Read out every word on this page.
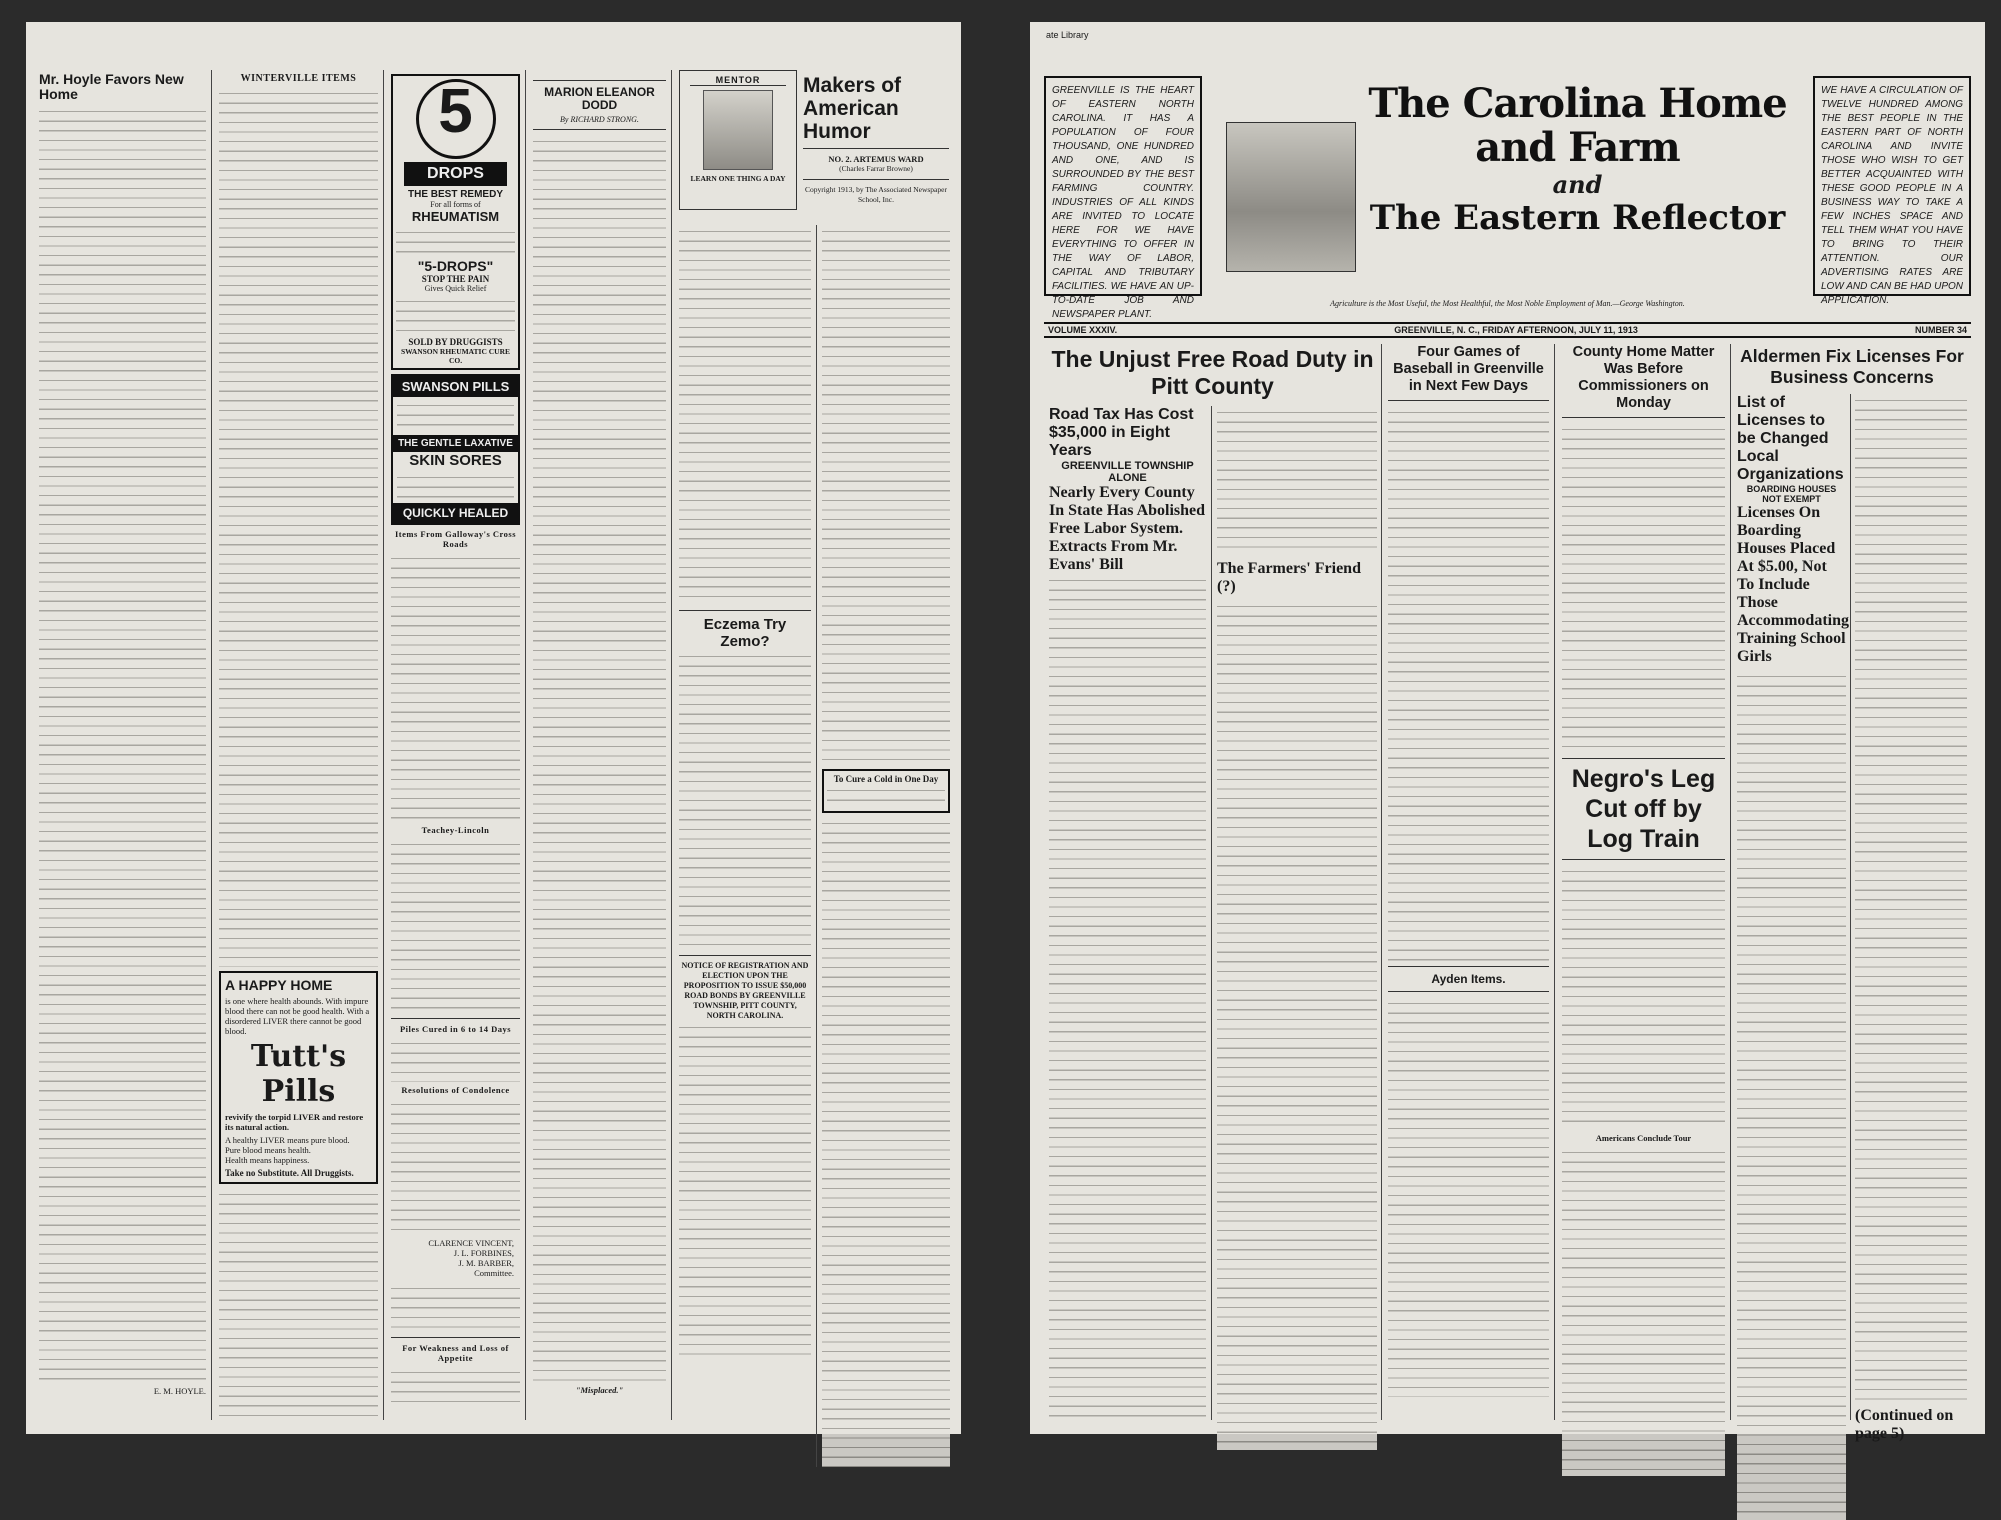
Mr. Hoyle Favors New Home
E. M. HOYLE.
WINTERVILLE ITEMS
A HAPPY HOME
is one where health abounds. With impure blood there can not be good health. With a disordered LIVER there cannot be good blood.
Tutt's Pills
revivify the torpid LIVER and restore its natural action.
A healthy LIVER means pure blood.
Pure blood means health.
Health means happiness.
Take no Substitute. All Druggists.
5
DROPS
THE BEST REMEDY
For all forms of
RHEUMATISM
"5-DROPS"
STOP THE PAIN
Gives Quick Relief
SOLD BY DRUGGISTS
SWANSON RHEUMATIC CURE CO.
SWANSON PILLS
THE GENTLE LAXATIVE
SKIN SORES
QUICKLY HEALED
Items From Galloway's Cross Roads
Teachey-Lincoln
Piles Cured in 6 to 14 Days
Resolutions of Condolence
CLARENCE VINCENT,
J. L. FORBINES,
J. M. BARBER,
Committee.
For Weakness and Loss of Appetite
MARION ELEANOR DODD
By RICHARD STRONG.
"Misplaced."
MENTOR
LEARN ONE THING A DAY
Makers of American Humor
NO. 2. ARTEMUS WARD
(Charles Farrar Browne)
Copyright 1913, by The Associated Newspaper School, Inc.
Eczema Try Zemo?
NOTICE OF REGISTRATION AND ELECTION UPON THE PROPOSITION TO ISSUE $50,000 ROAD BONDS BY GREENVILLE TOWNSHIP, PITT COUNTY, NORTH CAROLINA.
To Cure a Cold in One Day
ate Library
GREENVILLE IS THE HEART OF EASTERN NORTH CAROLINA. IT HAS A POPULATION OF FOUR THOUSAND, ONE HUNDRED AND ONE, AND IS SURROUNDED BY THE BEST FARMING COUNTRY. INDUSTRIES OF ALL KINDS ARE INVITED TO LOCATE HERE FOR WE HAVE EVERYTHING TO OFFER IN THE WAY OF LABOR, CAPITAL AND TRIBUTARY FACILITIES. WE HAVE AN UP-TO-DATE JOB AND NEWSPAPER PLANT.
The Carolina Home and Farm
and
The Eastern Reflector
Agriculture is the Most Useful, the Most Healthful, the Most Noble Employment of Man.—George Washington.
WE HAVE A CIRCULATION OF TWELVE HUNDRED AMONG THE BEST PEOPLE IN THE EASTERN PART OF NORTH CAROLINA AND INVITE THOSE WHO WISH TO GET BETTER ACQUAINTED WITH THESE GOOD PEOPLE IN A BUSINESS WAY TO TAKE A FEW INCHES SPACE AND TELL THEM WHAT YOU HAVE TO BRING TO THEIR ATTENTION. OUR ADVERTISING RATES ARE LOW AND CAN BE HAD UPON APPLICATION.
VOLUME XXXIV.	GREENVILLE, N. C., FRIDAY AFTERNOON, JULY 11, 1913	NUMBER 34
The Unjust Free Road Duty in Pitt County
Road Tax Has Cost $35,000 in Eight Years
GREENVILLE TOWNSHIP ALONE
Nearly Every County In State Has Abolished Free Labor System. Extracts From Mr. Evans' Bill	The Farmers' Friend (?)
Four Games of Baseball in Greenville in Next Few Days
Ayden Items.
County Home Matter Was Before Commissioners on Monday
Negro's Leg Cut off by Log Train
Americans Conclude Tour
Aldermen Fix Licenses For Business Concerns
List of Licenses to be Changed Local Organizations
BOARDING HOUSES NOT EXEMPT
Licenses On Boarding Houses Placed At $5.00, Not To Include Those Accommodating Training School Girls
(Continued on page 5)
